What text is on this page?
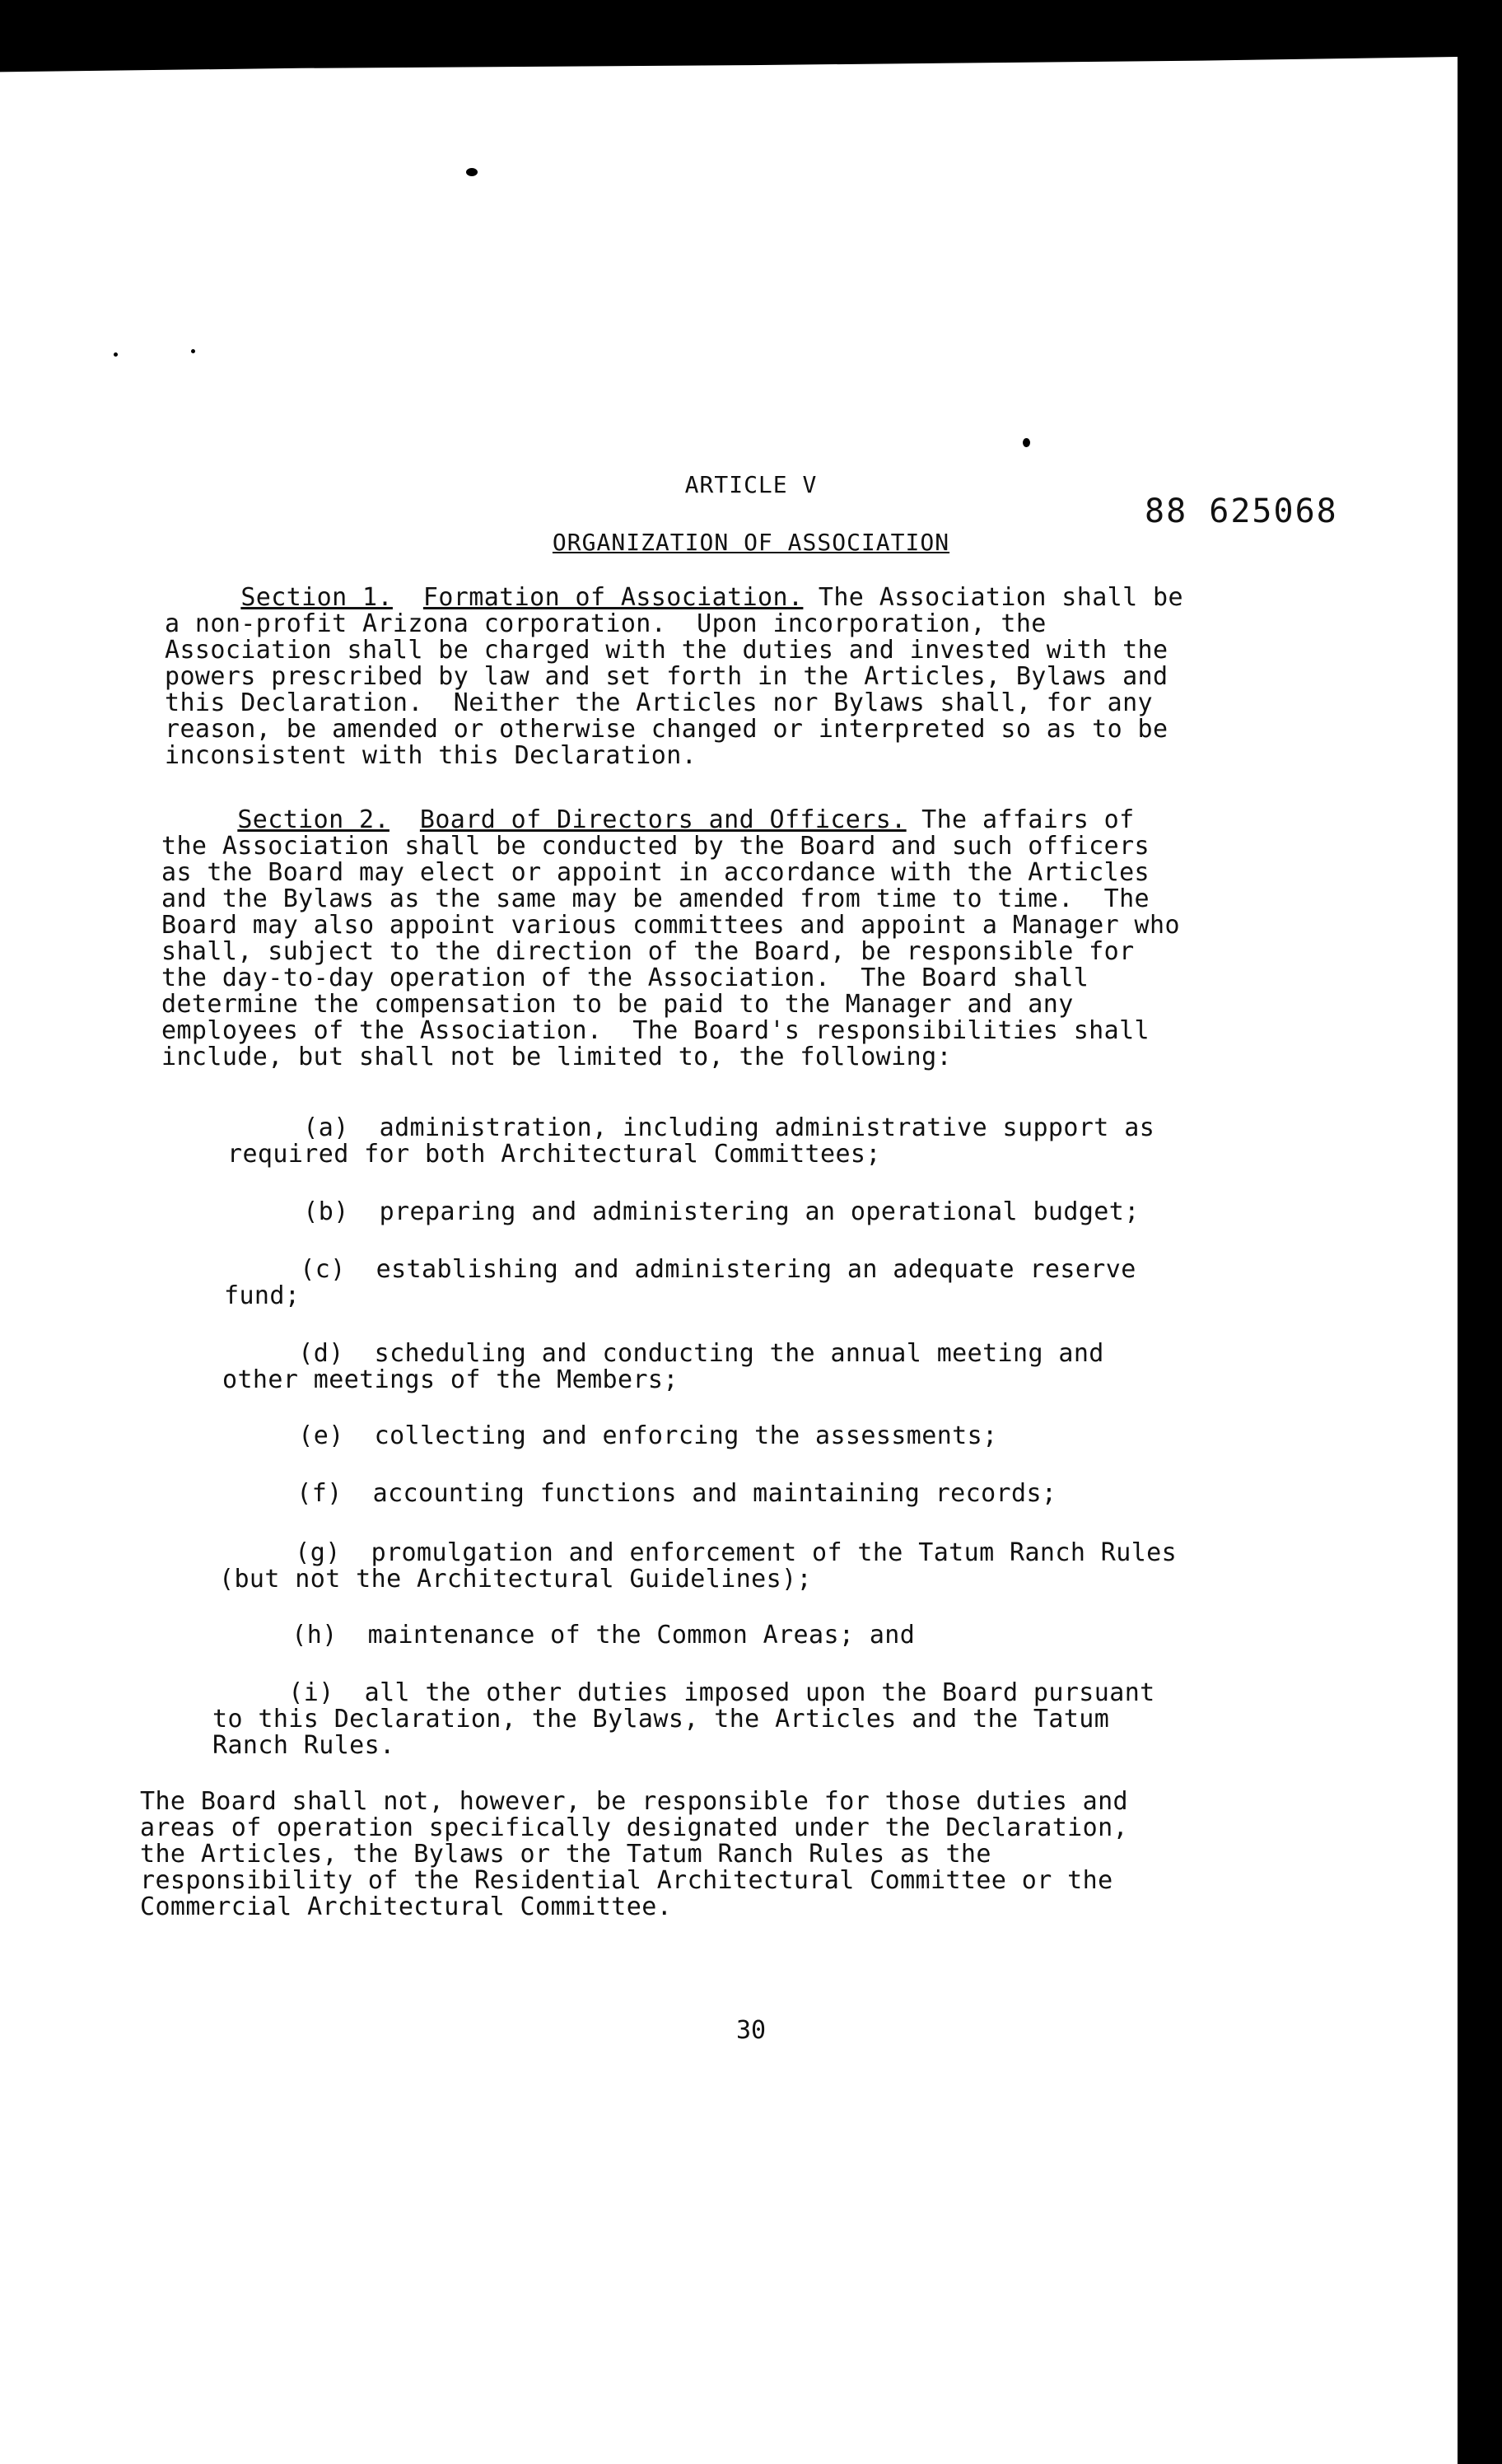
ARTICLE V
88 625068
ORGANIZATION OF ASSOCIATION

Section 1. Formation of Association. The Association shall be

a non-profit Arizona corporation.  Upon incorporation, the

Association shall be charged with the duties and invested with the

powers prescribed by law and set forth in the Articles, Bylaws and

this Declaration.  Neither the Articles nor Bylaws shall, for any

reason, be amended or otherwise changed or interpreted so as to be

inconsistent with this Declaration.

Section 2. Board of Directors and Officers. The affairs of

the Association shall be conducted by the Board and such officers

as the Board may elect or appoint in accordance with the Articles

and the Bylaws as the same may be amended from time to time.  The

Board may also appoint various committees and appoint a Manager who

shall, subject to the direction of the Board, be responsible for

the day-to-day operation of the Association.  The Board shall

determine the compensation to be paid to the Manager and any

employees of the Association.  The Board's responsibilities shall

include, but shall not be limited to, the following:

(a)  administration, including administrative support as
required for both Architectural Committees;
(b)  preparing and administering an operational budget;
(c)  establishing and administering an adequate reserve
fund;
(d)  scheduling and conducting the annual meeting and
other meetings of the Members;
(e)  collecting and enforcing the assessments;
(f)  accounting functions and maintaining records;
(g)  promulgation and enforcement of the Tatum Ranch Rules
(but not the Architectural Guidelines);
(h)  maintenance of the Common Areas; and
(i)  all the other duties imposed upon the Board pursuant
to this Declaration, the Bylaws, the Articles and the Tatum
Ranch Rules.

The Board shall not, however, be responsible for those duties and

areas of operation specifically designated under the Declaration,

the Articles, the Bylaws or the Tatum Ranch Rules as the

responsibility of the Residential Architectural Committee or the

Commercial Architectural Committee.

30
